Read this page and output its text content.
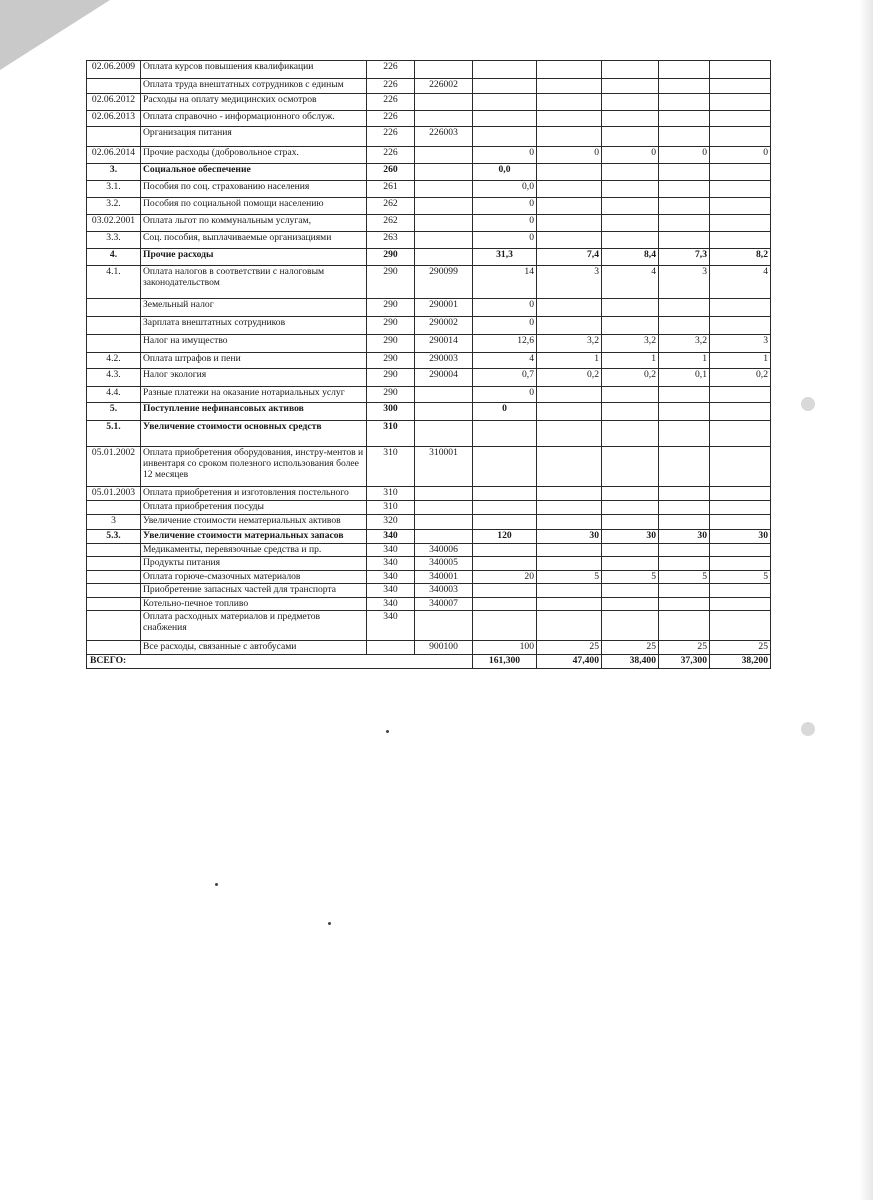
02.06.2009	Оплата курсов повышения квалификации	226						
	Оплата труда внештатных сотрудников с единым	226	226002					
02.06.2012	Расходы на оплату медицинских осмотров	226						
02.06.2013	Оплата справочно - информационного обслуж.	226						
	Организация питания	226	226003					
02.06.2014	Прочие расходы (добровольное страх.	226		0	0	0	0	0
3.	Социальное обеспечение	260		0,0				
3.1.	Пособия по соц. страхованию населения	261		0,0				
3.2.	Пособия по социальной помощи населению	262		0				
03.02.2001	Оплата льгот по коммунальным услугам,	262		0				
3.3.	Соц. пособия, выплачиваемые организациями	263		0				
4.	Прочие расходы	290		31,3	7,4	8,4	7,3	8,2
4.1.	Оплата налогов в соответствии с налоговым законодательством	290	290099	14	3	4	3	4
	Земельный налог	290	290001	0				
	Зарплата внештатных сотрудников	290	290002	0				
	Налог на имущество	290	290014	12,6	3,2	3,2	3,2	3
4.2.	Оплата штрафов и пени	290	290003	4	1	1	1	1
4.3.	Налог экология	290	290004	0,7	0,2	0,2	0,1	0,2
4.4.	Разные платежи на оказание нотариальных услуг	290		0				
5.	Поступление нефинансовых активов	300		0				
5.1.	Увеличение стоимости основных средств	310						
05.01.2002	Оплата приобретения оборудования, инстру-ментов и инвентаря со сроком полезного использования более 12 месяцев	310	310001					
05.01.2003	Оплата приобретения и изготовления постельного	310						
	Оплата приобретения посуды	310						
3	Увеличение стоимости нематериальных активов	320						
5.3.	Увеличение стоимости материальных запасов	340		120	30	30	30	30
	Медикаменты, перевязочные средства и пр.	340	340006					
	Продукты питания	340	340005					
	Оплата горюче-смазочных материалов	340	340001	20	5	5	5	5
	Приобретение запасных частей для транспорта	340	340003					
	Котельно-печное топливо	340	340007					
	Оплата расходных материалов и предметов снабжения	340						
	Все расходы, связанные с автобусами		900100	100	25	25	25	25
ВСЕГО:				161,300	47,400	38,400	37,300	38,200
